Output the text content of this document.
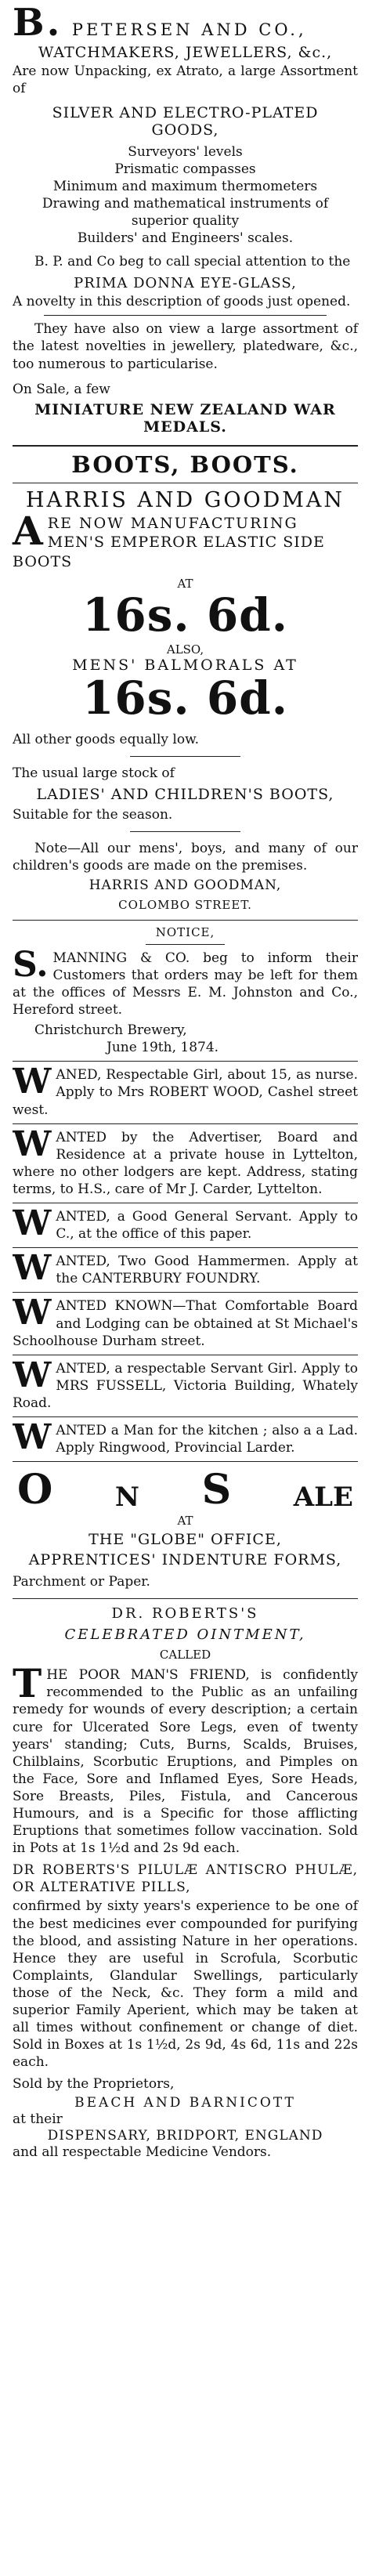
B. PETERSEN AND CO.,

WATCHMAKERS, JEWELLERS, &c.,

Are now Unpacking, ex Atrato, a large Assortment of

SILVER AND ELECTRO-PLATED GOODS,

Surveyors' levels

Prismatic compasses

Minimum and maximum thermometers

Drawing and mathematical instruments of superior quality

Builders' and Engineers' scales.

B. P. and Co beg to call special attention to the

PRIMA DONNA EYE-GLASS,

A novelty in this description of goods just opened.

They have also on view a large assortment of the latest novelties in jewellery, platedware, &c., too numerous to particularise.

On Sale, a few

MINIATURE NEW ZEALAND WAR MEDALS.

BOOTS, BOOTS.

HARRIS AND GOODMAN

A RE NOW MANUFACTURING
MEN'S EMPEROR ELASTIC SIDE BOOTS

AT

16s. 6d.

ALSO,

MENS' BALMORALS AT

16s. 6d.

All other goods equally low.

The usual large stock of

LADIES' AND CHILDREN'S BOOTS,

Suitable for the season.

Note—All our mens', boys, and many of our children's goods are made on the premises.

HARRIS AND GOODMAN,

COLOMBO STREET.

NOTICE,

S. MANNING & CO. beg to inform their Customers that orders may be left for them at the offices of Messrs E. M. Johnston and Co., Hereford street.

Christchurch Brewery,

June 19th, 1874.

WANED, Respectable Girl, about 15, as nurse. Apply to Mrs ROBERT WOOD, Cashel street west.

WANTED by the Advertiser, Board and Residence at a private house in Lyttelton, where no other lodgers are kept. Address, stating terms, to H.S., care of Mr J. Carder, Lyttelton.

WANTED, a Good General Servant. Apply to C., at the office of this paper.

WANTED, Two Good Hammermen. Apply at the CANTERBURY FOUNDRY.

WANTED KNOWN—That Comfortable Board and Lodging can be obtained at St Michael's Schoolhouse Durham street.

WANTED, a respectable Servant Girl. Apply to MRS FUSSELL, Victoria Building, Whately Road.

WANTED a Man for the kitchen ; also a a Lad. Apply Ringwood, Provincial Larder.

O N S ALE

AT

THE "GLOBE" OFFICE,

APPRENTICES' INDENTURE FORMS,

Parchment or Paper.

DR. ROBERTS'S

CELEBRATED OINTMENT,

CALLED

T HE POOR MAN'S FRIEND, is confidently recommended to the Public as an unfailing remedy for wounds of every description; a certain cure for Ulcerated Sore Legs, even of twenty years' standing; Cuts, Burns, Scalds, Bruises, Chilblains, Scorbutic Eruptions, and Pimples on the Face, Sore and Inflamed Eyes, Sore Heads, Sore Breasts, Piles, Fistula, and Cancerous Humours, and is a Specific for those afflicting Eruptions that sometimes follow vaccination. Sold in Pots at 1s 1½d and 2s 9d each.

DR ROBERTS'S PILULÆ ANTISCRO PHULÆ, OR ALTERATIVE PILLS,

confirmed by sixty years's experience to be one of the best medicines ever compounded for purifying the blood, and assisting Nature in her operations. Hence they are useful in Scrofula, Scorbutic Complaints, Glandular Swellings, particularly those of the Neck, &c. They form a mild and superior Family Aperient, which may be taken at all times without confinement or change of diet. Sold in Boxes at 1s 1½d, 2s 9d, 4s 6d, 11s and 22s each.

Sold by the Proprietors,

BEACH AND BARNICOTT

at their

DISPENSARY, BRIDPORT, ENGLAND

and all respectable Medicine Vendors.
